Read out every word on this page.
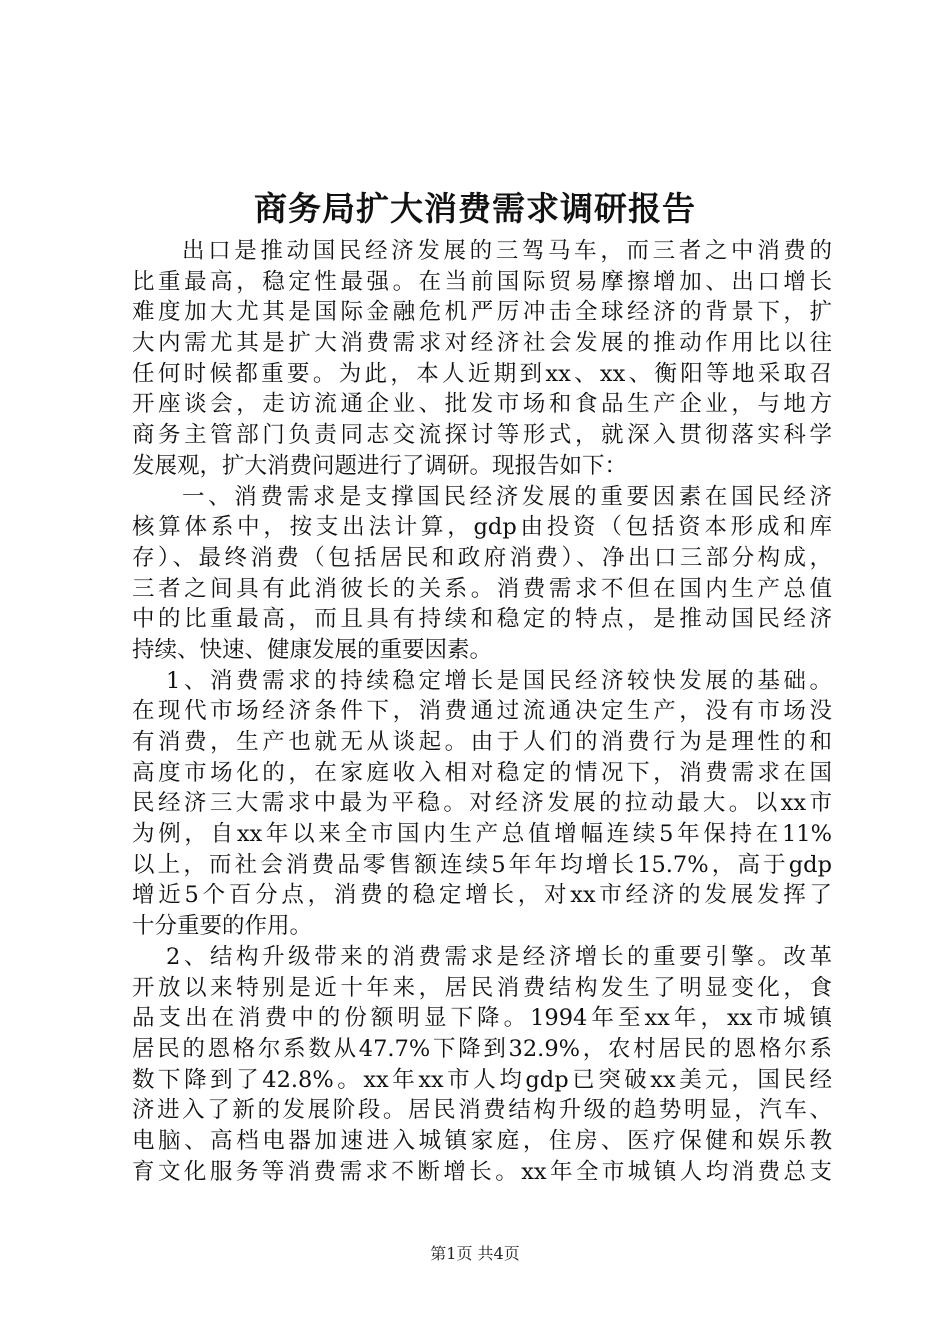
商务局扩大消费需求调研报告
出口是推动国民经济发展的三驾马车，而三者之中消费的
比重最高，稳定性最强。在当前国际贸易摩擦增加、出口增长
难度加大尤其是国际金融危机严厉冲击全球经济的背景下，扩
大内需尤其是扩大消费需求对经济社会发展的推动作用比以往
任何时候都重要。为此，本人近期到xx、xx、衡阳等地采取召
开座谈会，走访流通企业、批发市场和食品生产企业，与地方
商务主管部门负责同志交流探讨等形式，就深入贯彻落实科学
发展观，扩大消费问题进行了调研。现报告如下：
一、消费需求是支撑国民经济发展的重要因素在国民经济
核算体系中，按支出法计算，gdp由投资（包括资本形成和库
存）、最终消费（包括居民和政府消费）、净出口三部分构成，
三者之间具有此消彼长的关系。消费需求不但在国内生产总值
中的比重最高，而且具有持续和稳定的特点，是推动国民经济
持续、快速、健康发展的重要因素。
1、消费需求的持续稳定增长是国民经济较快发展的基础。
在现代市场经济条件下，消费通过流通决定生产，没有市场没
有消费，生产也就无从谈起。由于人们的消费行为是理性的和
高度市场化的，在家庭收入相对稳定的情况下，消费需求在国
民经济三大需求中最为平稳。对经济发展的拉动最大。以xx市
为例，自xx年以来全市国内生产总值增幅连续5年保持在11%
以上，而社会消费品零售额连续5年年均增长15.7%，高于gdp
增近5个百分点，消费的稳定增长，对xx市经济的发展发挥了
十分重要的作用。
2、结构升级带来的消费需求是经济增长的重要引擎。改革
开放以来特别是近十年来，居民消费结构发生了明显变化，食
品支出在消费中的份额明显下降。1994年至xx年，xx市城镇
居民的恩格尔系数从47.7%下降到32.9%，农村居民的恩格尔系
数下降到了42.8%。xx年xx市人均gdp已突破xx美元，国民经
济进入了新的发展阶段。居民消费结构升级的趋势明显，汽车、
电脑、高档电器加速进入城镇家庭，住房、医疗保健和娱乐教
育文化服务等消费需求不断增长。xx年全市城镇人均消费总支
第1页 共4页
